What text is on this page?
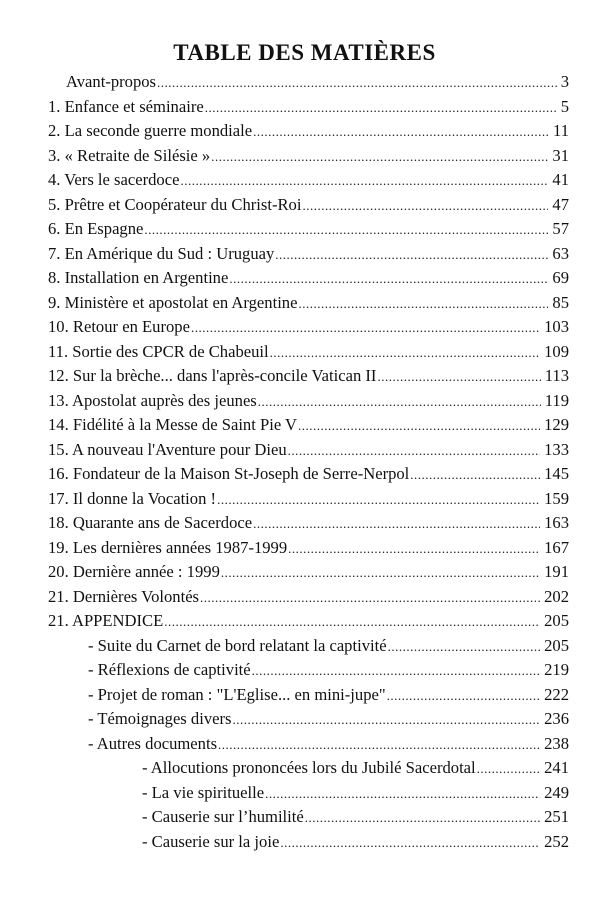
TABLE DES MATIÈRES
Avant-propos .....	3
1. Enfance et séminaire .....	5
2. La seconde guerre mondiale .....	11
3. « Retraite de Silésie » .....	31
4. Vers le sacerdoce .....	41
5. Prêtre et Coopérateur du Christ-Roi .....	47
6. En Espagne .....	57
7. En Amérique du Sud : Uruguay .....	63
8. Installation en Argentine .....	69
9. Ministère et apostolat en Argentine .....	85
10. Retour en Europe .....	103
11. Sortie des CPCR de Chabeuil .....	109
12. Sur la brèche... dans l'après-concile Vatican II .....	113
13. Apostolat auprès des jeunes .....	119
14. Fidélité à la Messe de Saint Pie V .....	129
15. A nouveau l'Aventure pour Dieu .....	133
16. Fondateur de la Maison St-Joseph de Serre-Nerpol .....	145
17. Il donne la Vocation ! .....	159
18. Quarante ans de Sacerdoce .....	163
19. Les dernières années 1987-1999 .....	167
20. Dernière année : 1999 .....	191
21. Dernières Volontés .....	202
21. APPENDICE .....	205
- Suite du Carnet de bord relatant la captivité .....	205
- Réflexions de captivité .....	219
- Projet de roman : "L'Eglise... en mini-jupe" .....	222
- Témoignages divers .....	236
- Autres documents .....	238
- Allocutions prononcées lors du Jubilé Sacerdotal .....	241
- La vie spirituelle .....	249
- Causerie sur l’humilité .....	251
- Causerie sur la joie .....	252
